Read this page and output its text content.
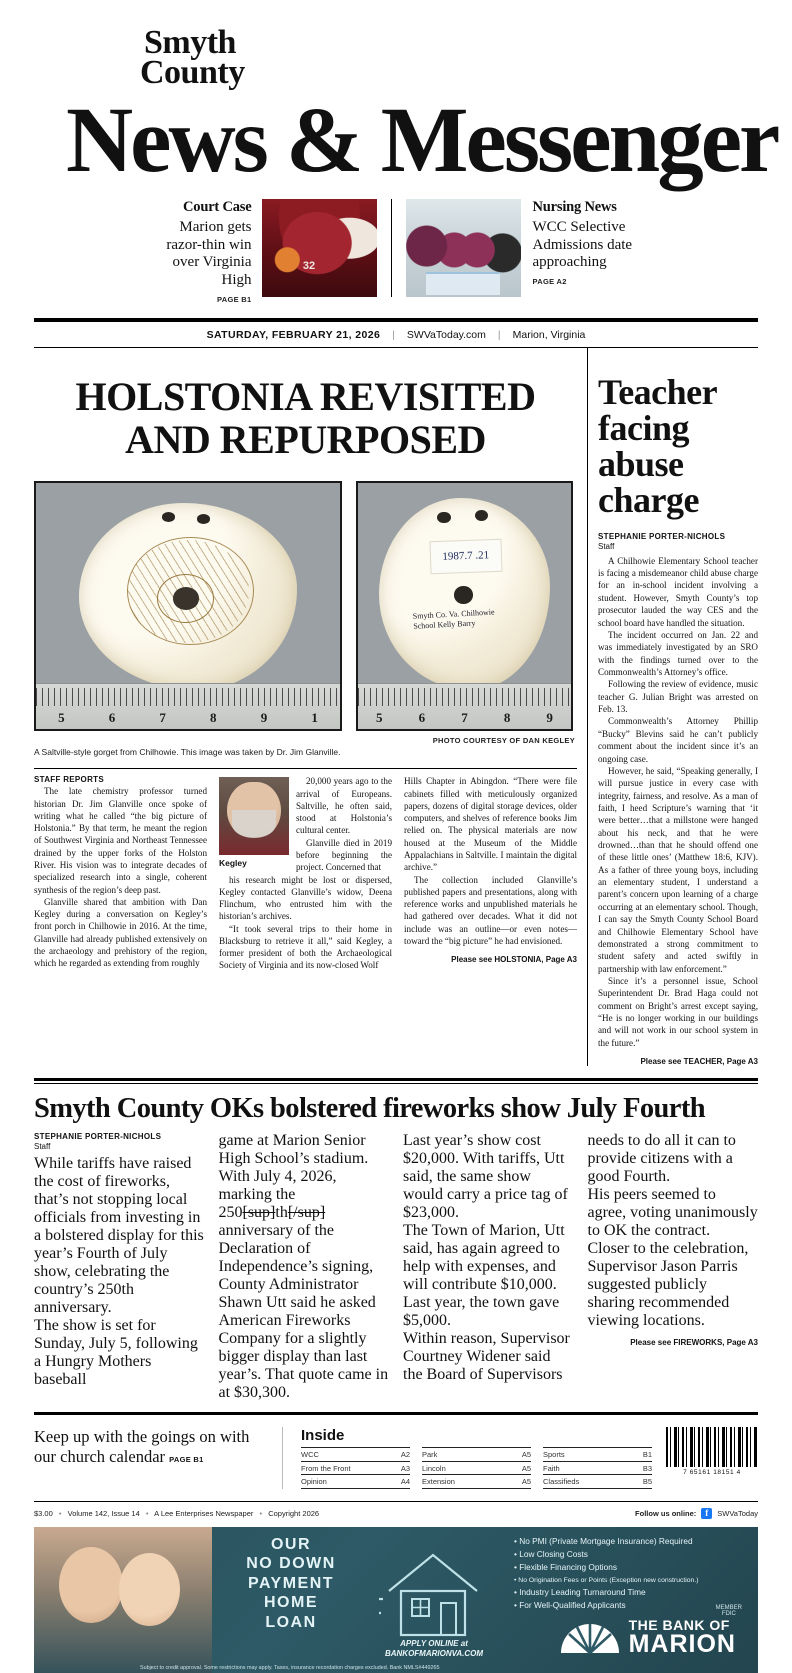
Smyth
County
News & Messenger
Court Case
Marion gets razor-thin win over Virginia High
PAGE B1
32
Nursing News
WCC Selective Admissions date approaching
PAGE A2
SATURDAY, FEBRUARY 21, 2026 | SWVaToday.com | Marion, Virginia
HOLSTONIA REVISITED AND REPURPOSED
5	6	7	8	9	1
1987.7 .21
Smyth Co. Va. Chilhowie School Kelly Barry
5	6	7	8	9
PHOTO COURTESY OF DAN KEGLEY
A Saltville-style gorget from Chilhowie. This image was taken by Dr. Jim Glanville.
STAFF REPORTS

The late chemistry professor turned historian Dr. Jim Glanville once spoke of writing what he called “the big picture of Holstonia.” By that term, he meant the region of Southwest Virginia and Northeast Tennessee drained by the upper forks of the Holston River. His vision was to integrate decades of specialized research into a single, coherent synthesis of the region’s deep past.

Glanville shared that ambition with Dan Kegley during a conversation on Kegley’s front porch in Chilhowie in 2016. At the time, Glanville had already published extensively on the archaeology and prehistory of the region, which he regarded as extending from roughly

Kegley

20,000 years ago to the arrival of Europeans. Saltville, he often said, stood at Holstonia’s cultural center.

Glanville died in 2019 before beginning the project. Concerned that

his research might be lost or dispersed, Kegley contacted Glanville’s widow, Deena Flinchum, who entrusted him with the historian’s archives.

“It took several trips to their home in Blacksburg to retrieve it all,” said Kegley, a former president of both the Archaeological Society of Virginia and its now-closed Wolf

Hills Chapter in Abingdon. “There were file cabinets filled with meticulously organized papers, dozens of digital storage devices, older computers, and shelves of reference books Jim relied on. The physical materials are now housed at the Museum of the Middle Appalachians in Saltville. I maintain the digital archive.”

The collection included Glanville’s published papers and presentations, along with reference works and unpublished materials he had gathered over decades. What it did not include was an outline—or even notes—toward the “big picture” he had envisioned.

Please see HOLSTONIA, Page A3
Teacher facing abuse charge
STEPHANIE PORTER-NICHOLS
Staff

A Chilhowie Elementary School teacher is facing a misdemeanor child abuse charge for an in-school incident involving a student. However, Smyth County’s top prosecutor lauded the way CES and the school board have handled the situation.

The incident occurred on Jan. 22 and was immediately investigated by an SRO with the findings turned over to the Commonwealth’s Attorney’s office.

Following the review of evidence, music teacher G. Julian Bright was arrested on Feb. 13.

Commonwealth’s Attorney Phillip “Bucky” Blevins said he can’t publicly comment about the incident since it’s an ongoing case.

However, he said, “Speaking generally, I will pursue justice in every case with integrity, fairness, and resolve. As a man of faith, I heed Scripture’s warning that ‘it were better…that a millstone were hanged about his neck, and that he were drowned…than that he should offend one of these little ones’ (Matthew 18:6, KJV). As a father of three young boys, including an elementary student, I understand a parent’s concern upon learning of a charge occurring at an elementary school. Though, I can say the Smyth County School Board and Chilhowie Elementary School have demonstrated a strong commitment to student safety and acted swiftly in partnership with law enforcement.”

Since it’s a personnel issue, School Superintendent Dr. Brad Haga could not comment on Bright’s arrest except saying, “He is no longer working in our buildings and will not work in our school system in the future.”

Please see TEACHER, Page A3
Smyth County OKs bolstered fireworks show July Fourth
STEPHANIE PORTER-NICHOLS
Staff

While tariffs have raised the cost of fireworks, that’s not stopping local officials from investing in a bolstered display for this year’s Fourth of July show, celebrating the country’s 250th anniversary.

The show is set for Sunday, July 5, following a Hungry Mothers baseball

game at Marion Senior High School’s stadium.

With July 4, 2026, marking the 250[sup]th[/sup] anniversary of the Declaration of Independence’s signing, County Administrator Shawn Utt said he asked American Fireworks Company for a slightly bigger display than last year’s. That quote came in at $30,300.

Last year’s show cost $20,000. With tariffs, Utt said, the same show would carry a price tag of $23,000.

The Town of Marion, Utt said, has again agreed to help with expenses, and will contribute $10,000. Last year, the town gave $5,000.

Within reason, Supervisor Courtney Widener said the Board of Supervisors

needs to do all it can to provide citizens with a good Fourth.

His peers seemed to agree, voting unanimously to OK the contract.

Closer to the celebration, Supervisor Jason Parris suggested publicly sharing recommended viewing locations.

Please see FIREWORKS, Page A3
Keep up with the goings on with our church calendar PAGE B1
Inside
WCC	A2
From the Front	A3
Opinion	A4
Park	A5
Lincoln	A5
Extension	A5
Sports	B1
Faith	B3
Classifieds	B5
7 65161 18151 4
$3.00 • Volume 142, Issue 14 • A Lee Enterprises Newspaper • Copyright 2026	Follow us online:	f	SWVaToday
OUR
NO DOWN
PAYMENT
HOME
LOAN
APPLY ONLINE at
BANKOFMARIONVA.COM
• No PMI (Private Mortgage Insurance) Required
• Low Closing Costs
• Flexible Financing Options
• No Origination Fees or Points (Exception new construction.)
• Industry Leading Turnaround Time
• For Well-Qualified Applicants	MEMBER
FDIC
THE BANK OF
MARION
Subject to credit approval. Some restrictions may apply. Taxes, insurance recordation charges excluded. Bank NMLS#449265
